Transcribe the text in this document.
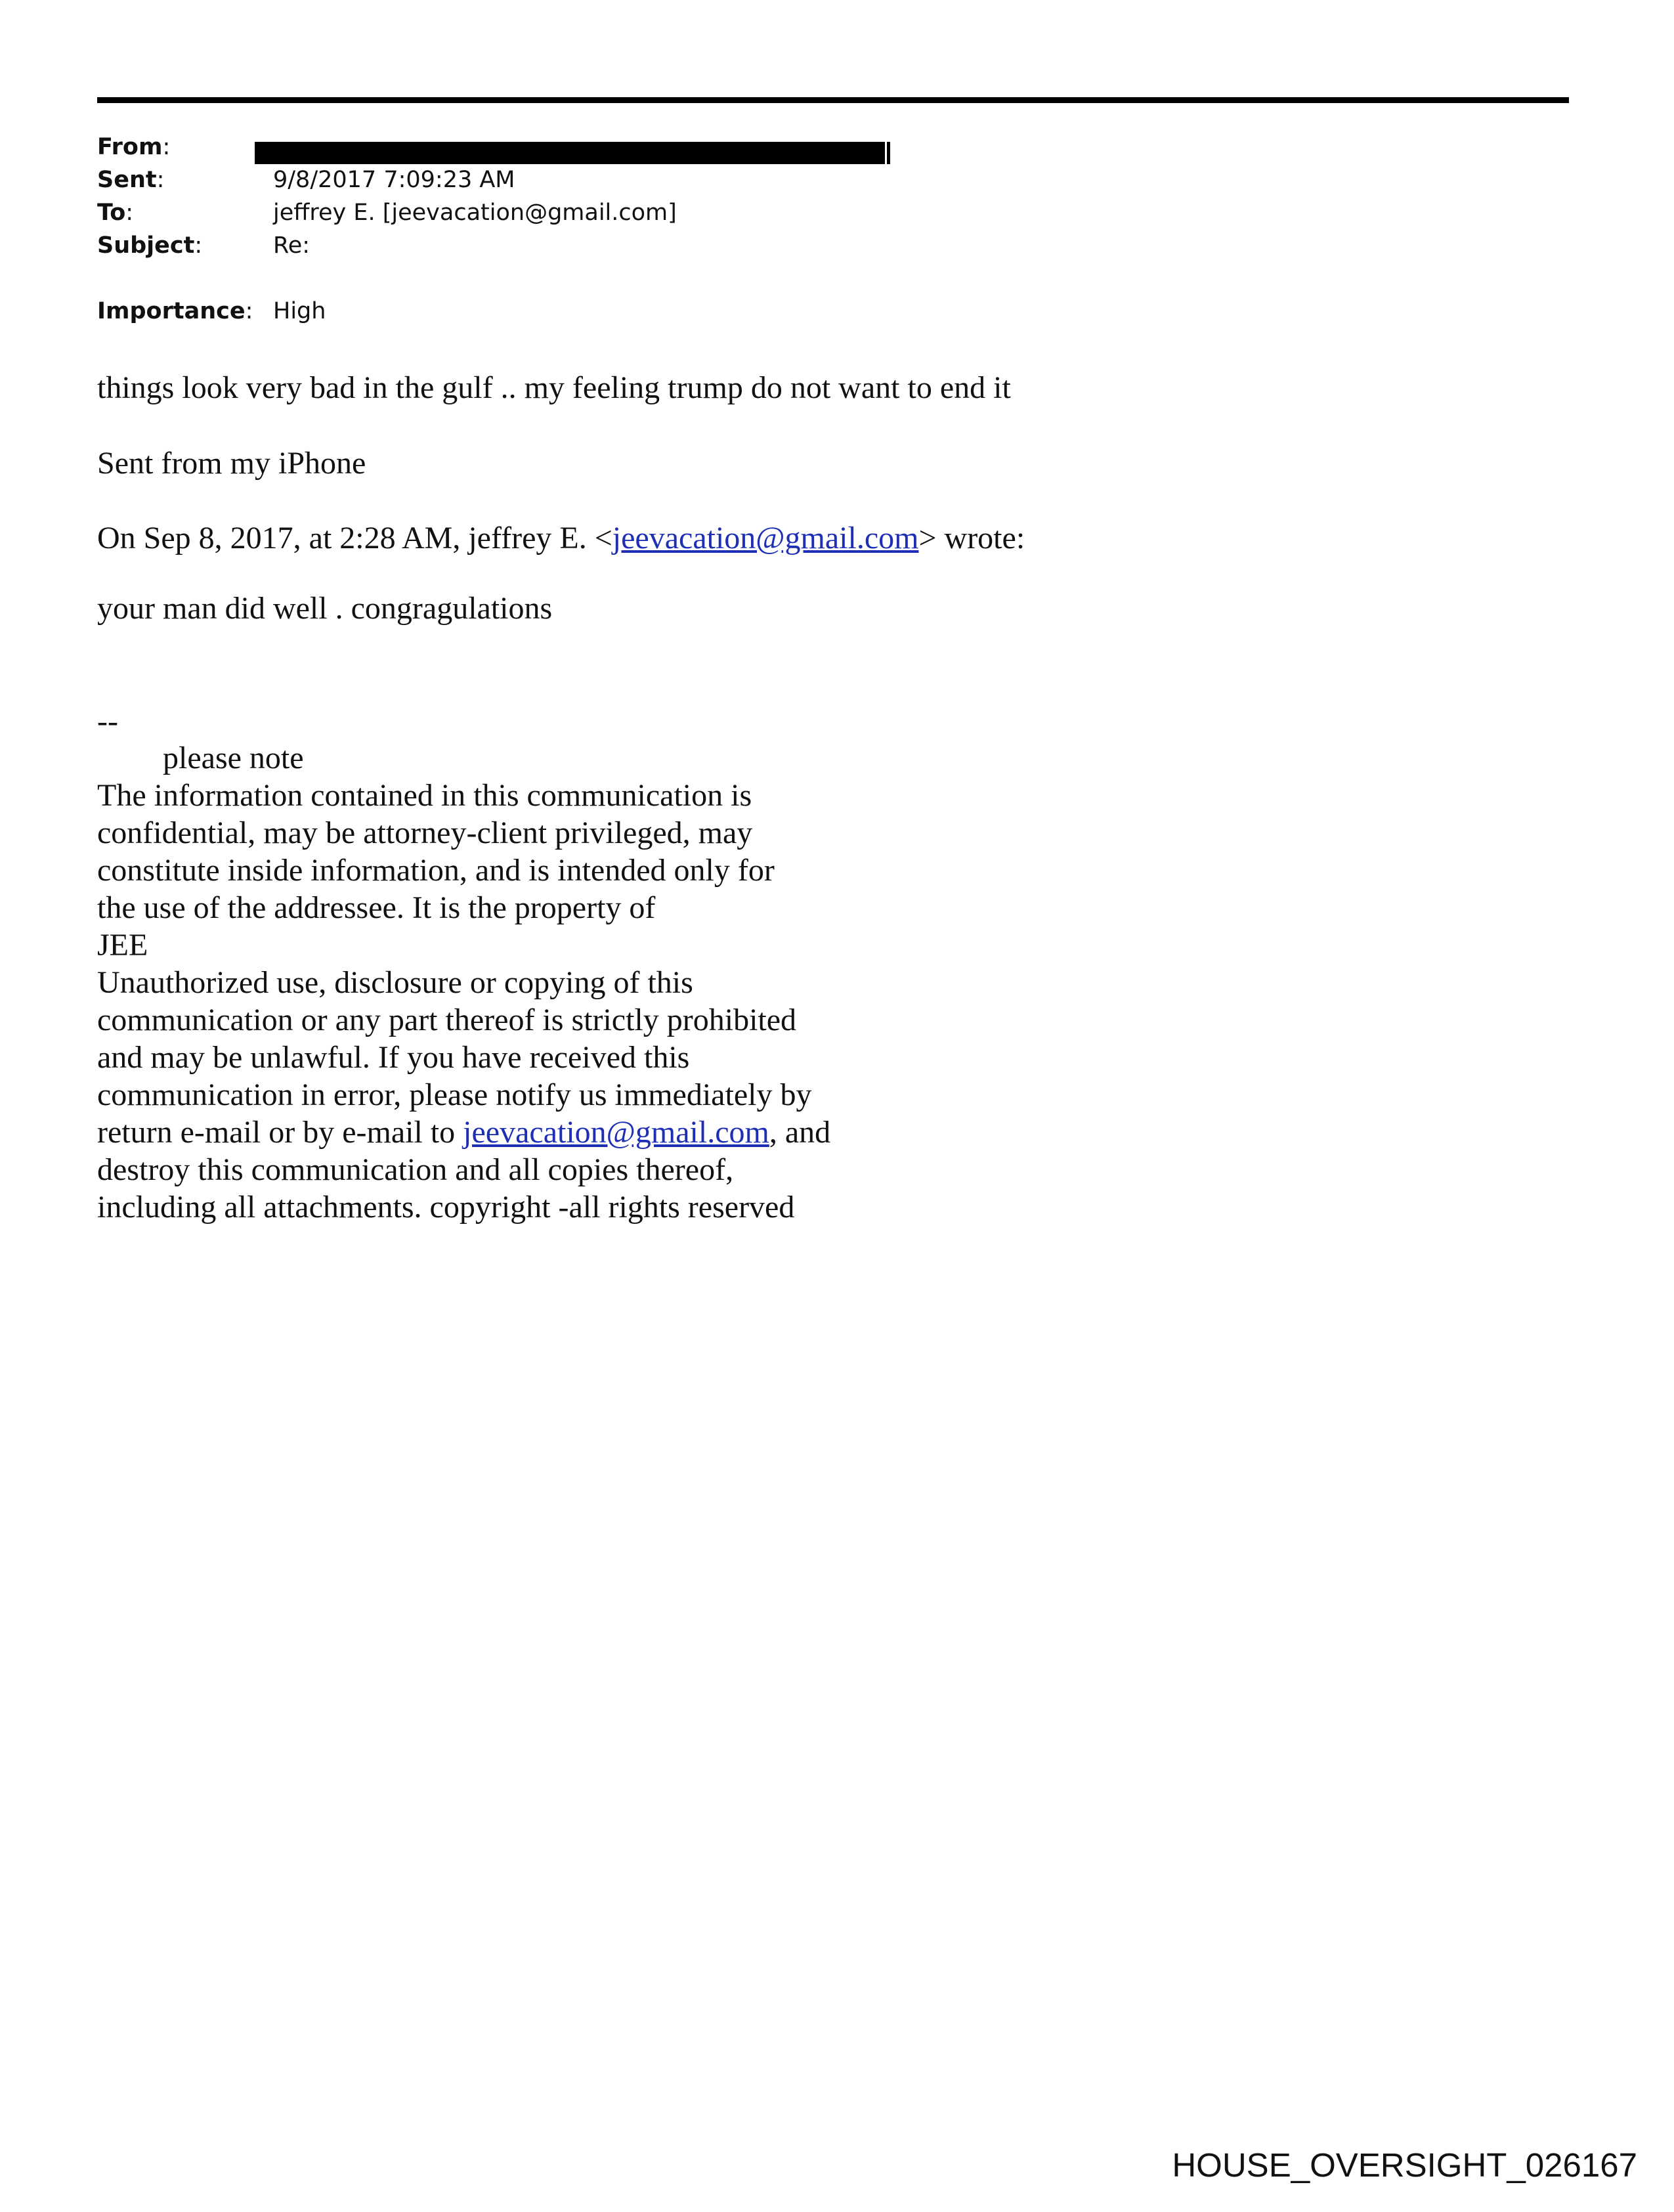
From:
Sent:	9/8/2017 7:09:23 AM
To:	jeffrey E. [jeevacation@gmail.com]
Subject:	Re:
Importance: High
things look very bad in the gulf .. my feeling trump do not want to end it
Sent from my iPhone
On Sep 8, 2017, at 2:28 AM, jeffrey E. <jeevacation@gmail.com> wrote:
your man did well . congragulations
--
please note
The information contained in this communication is
confidential, may be attorney-client privileged, may
constitute inside information, and is intended only for
the use of the addressee. It is the property of
JEE
Unauthorized use, disclosure or copying of this
communication or any part thereof is strictly prohibited
and may be unlawful. If you have received this
communication in error, please notify us immediately by
return e-mail or by e-mail to jeevacation@gmail.com, and
destroy this communication and all copies thereof,
including all attachments. copyright -all rights reserved
HOUSE_OVERSIGHT_026167
